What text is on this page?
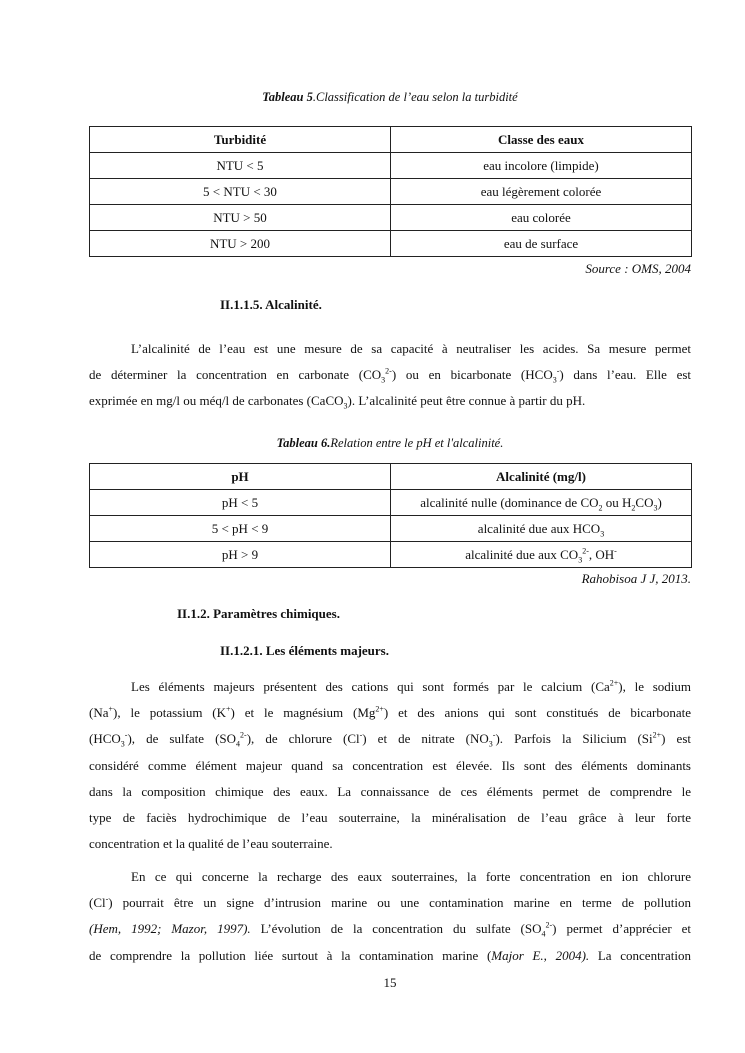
Tableau 5.Classification de l’eau selon la turbidité
Turbidité	Classe des eaux
NTU < 5	eau incolore (limpide)
5 < NTU < 30	eau légèrement colorée
NTU > 50	eau colorée
NTU > 200	eau de surface
Source : OMS, 2004
II.1.1.5. Alcalinité.
L’alcalinité de l’eau est une mesure de sa capacité à neutraliser les acides. Sa mesure permet
de déterminer la concentration en carbonate $(CO_3^{2-})$ ou en bicarbonate $(HCO_3^-)$ dans l’eau. Elle est
exprimée en mg/l ou méq/l de carbonates (CaCO$_3$). L’alcalinité peut être connue à partir du pH.
Tableau 6.Relation entre le pH et l'alcalinité.
pH	Alcalinité (mg/l)
pH < 5	alcalinité nulle (dominance de $CO_2$ ou $H_2CO_3$)
5 < pH < 9	alcalinité due aux $HCO_3$
pH > 9	alcalinité due aux $CO_3^{2-}$, OH-
Rahobisoa J J, 2013.
II.1.2. Paramètres chimiques.
II.1.2.1. Les éléments majeurs.
Les éléments majeurs présentent des cations qui sont formés par le calcium $(Ca^{2+})$, le sodium
(Na+), le potassium (K+) et le magnésium $(Mg^{2+})$ et des anions qui sont constitués de bicarbonate
$(HCO_3^-)$, de sulfate $(SO_4^{2-})$, de chlorure (Cl-) et de nitrate $(NO_3^-)$. Parfois la Silicium $(Si^{2+})$ est
considéré comme élément majeur quand sa concentration est élevée. Ils sont des éléments dominants
dans la composition chimique des eaux. La connaissance de ces éléments permet de comprendre le
type de faciès hydrochimique de l’eau souterraine, la minéralisation de l’eau grâce à leur forte
concentration et la qualité de l’eau souterraine.
En ce qui concerne la recharge des eaux souterraines, la forte concentration en ion chlorure
(Cl-) pourrait être un signe d’intrusion marine ou une contamination marine en terme de pollution
(Hem, 1992; Mazor, 1997). L’évolution de la concentration du sulfate $(SO_4^{2-})$ permet d’apprécier et
de comprendre la pollution liée surtout à la contamination marine (Major E., 2004). La concentration
15
